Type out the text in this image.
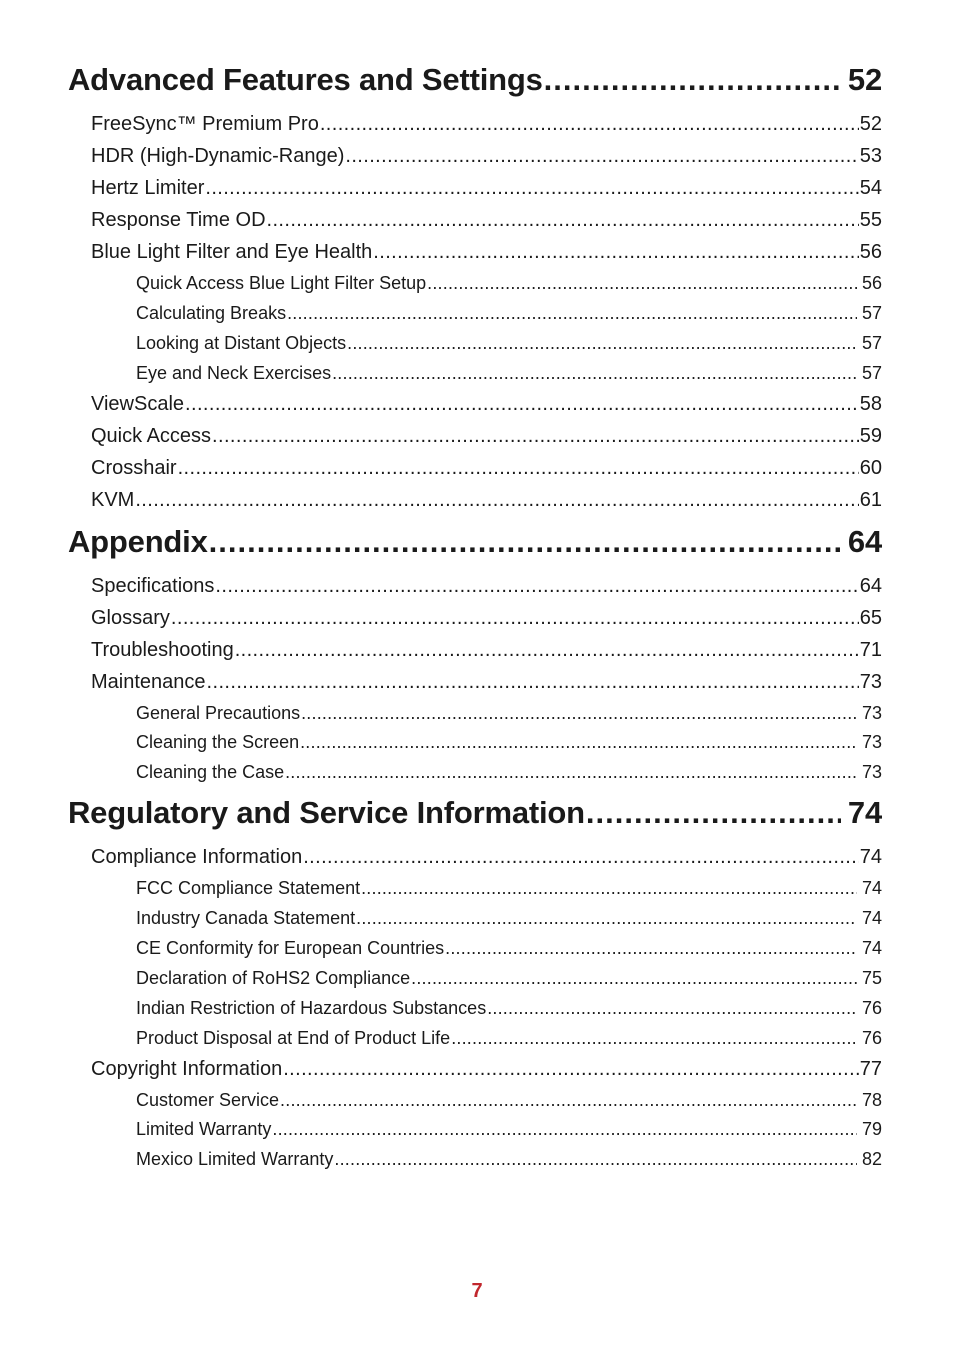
Advanced Features and Settings .....	52
FreeSync™ Premium Pro .....	52
HDR (High-Dynamic-Range) .....	53
Hertz Limiter .....	54
Response Time OD .....	55
Blue Light Filter and Eye Health .....	56
Quick Access Blue Light Filter Setup .....	56
Calculating Breaks .....	57
Looking at Distant Objects .....	57
Eye and Neck Exercises .....	57
ViewScale .....	58
Quick Access .....	59
Crosshair .....	60
KVM .....	61
Appendix .....	64
Specifications .....	64
Glossary .....	65
Troubleshooting .....	71
Maintenance .....	73
General Precautions .....	73
Cleaning the Screen .....	73
Cleaning the Case .....	73
Regulatory and Service Information .....	74
Compliance Information .....	74
FCC Compliance Statement .....	74
Industry Canada Statement .....	74
CE Conformity for European Countries .....	74
Declaration of RoHS2 Compliance .....	75
Indian Restriction of Hazardous Substances .....	76
Product Disposal at End of Product Life .....	76
Copyright Information .....	77
Customer Service .....	78
Limited Warranty .....	79
Mexico Limited Warranty .....	82
7
